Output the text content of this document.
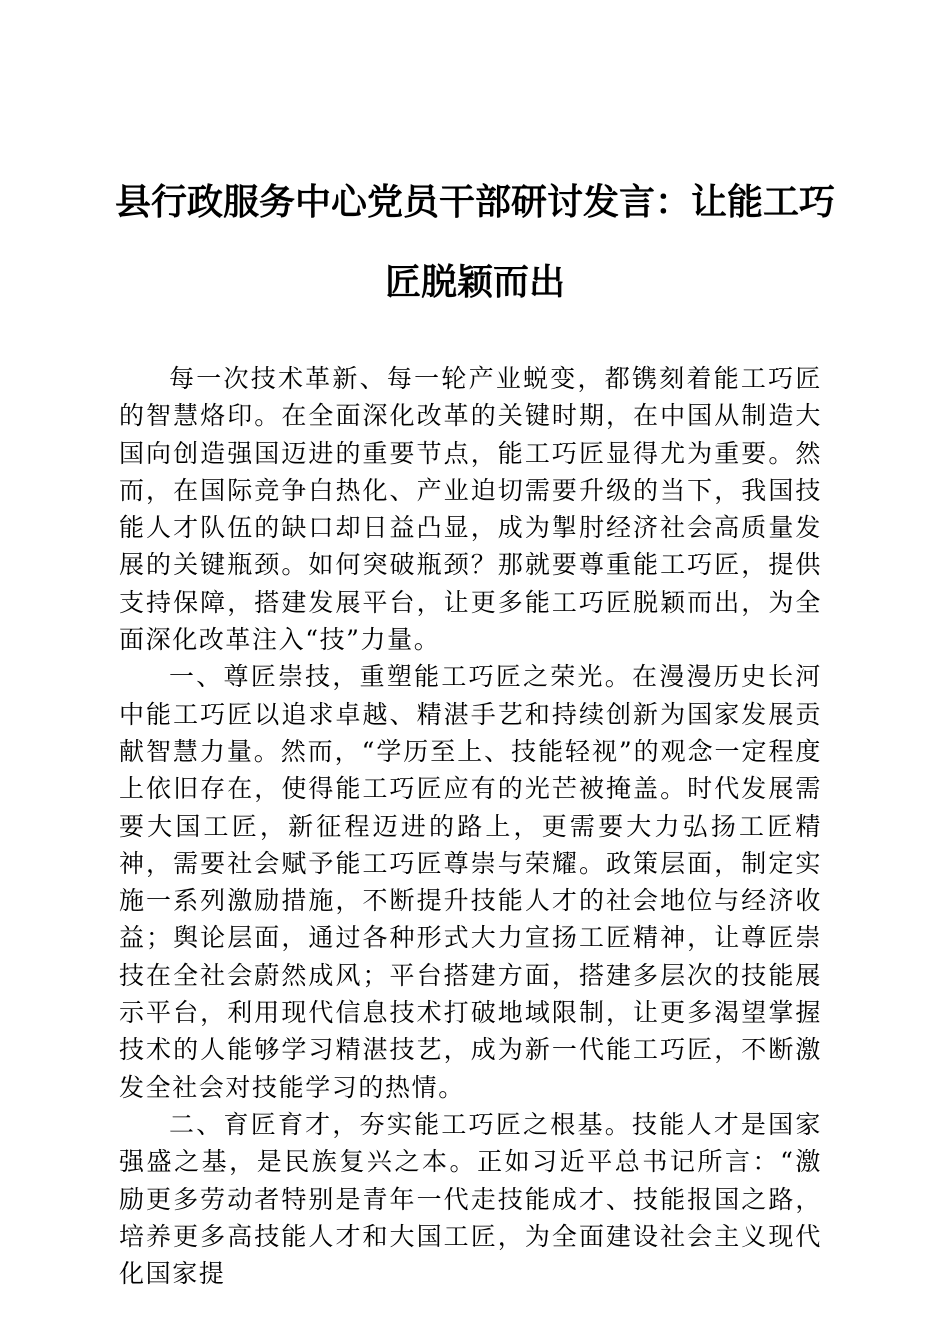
县行政服务中心党员干部研讨发言：让能工巧匠脱颖而出

每一次技术革新、每一轮产业蜕变，都镌刻着能工巧匠的智慧烙印。在全面深化改革的关键时期，在中国从制造大国向创造强国迈进的重要节点，能工巧匠显得尤为重要。然而，在国际竞争白热化、产业迫切需要升级的当下，我国技能人才队伍的缺口却日益凸显，成为掣肘经济社会高质量发展的关键瓶颈。如何突破瓶颈？那就要尊重能工巧匠，提供支持保障，搭建发展平台，让更多能工巧匠脱颖而出，为全面深化改革注入“技”力量。

一、尊匠崇技，重塑能工巧匠之荣光。在漫漫历史长河中能工巧匠以追求卓越、精湛手艺和持续创新为国家发展贡献智慧力量。然而，“学历至上、技能轻视”的观念一定程度上依旧存在，使得能工巧匠应有的光芒被掩盖。时代发展需要大国工匠，新征程迈进的路上，更需要大力弘扬工匠精神，需要社会赋予能工巧匠尊崇与荣耀。政策层面，制定实施一系列激励措施，不断提升技能人才的社会地位与经济收益；舆论层面，通过各种形式大力宣扬工匠精神，让尊匠崇技在全社会蔚然成风；平台搭建方面，搭建多层次的技能展示平台，利用现代信息技术打破地域限制，让更多渴望掌握技术的人能够学习精湛技艺，成为新一代能工巧匠，不断激发全社会对技能学习的热情。

二、育匠育才，夯实能工巧匠之根基。技能人才是国家强盛之基，是民族复兴之本。正如习近平总书记所言：“激励更多劳动者特别是青年一代走技能成才、技能报国之路，培养更多高技能人才和大国工匠，为全面建设社会主义现代化国家提
